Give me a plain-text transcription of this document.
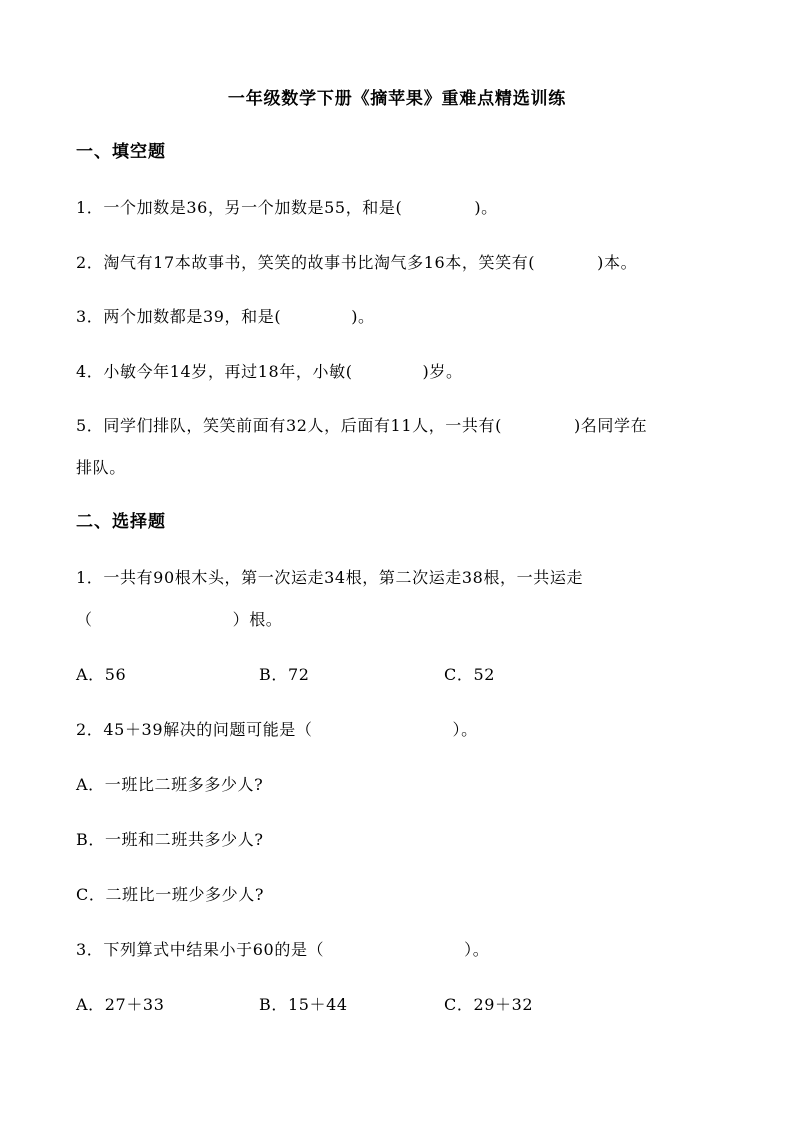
一年级数学下册《摘苹果》重难点精选训练
一、填空题
1．一个加数是36，另一个加数是55，和是(	)。
2．淘气有17本故事书，笑笑的故事书比淘气多16本，笑笑有(	)本。
3．两个加数都是39，和是(	)。
4．小敏今年14岁，再过18年，小敏(	)岁。
5．同学们排队，笑笑前面有32人，后面有11人，一共有(	)名同学在
排队。
二、选择题
1．一共有90根木头，第一次运走34根，第二次运走38根，一共运走
（	）根。
A．56	B．72	C．52
2．45＋39解决的问题可能是（	）。
A．一班比二班多多少人?
B．一班和二班共多少人?
C．二班比一班少多少人?
3．下列算式中结果小于60的是（	）。
A．27＋33	B．15＋44	C．29＋32
